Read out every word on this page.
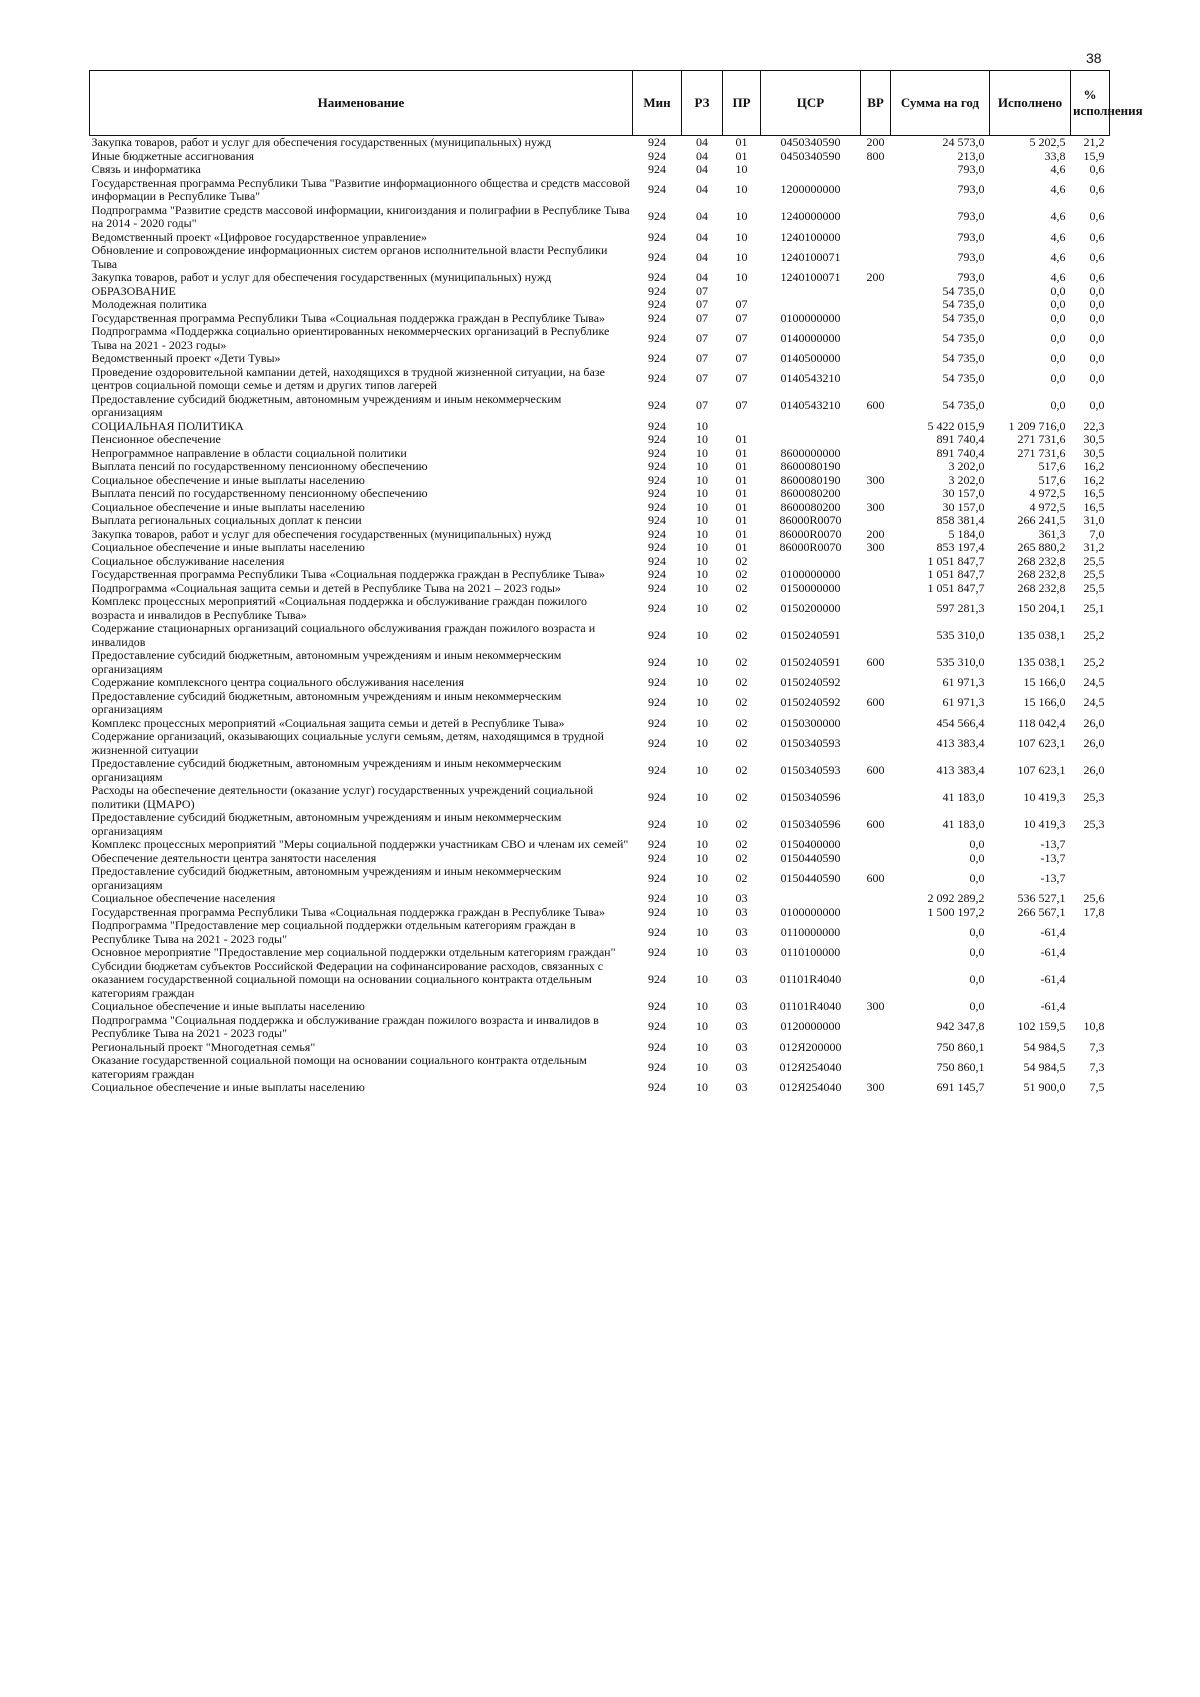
38
Наименование	Мин	РЗ	ПР	ЦСР	ВР	Сумма на год	Исполнено	% исполнения
Закупка товаров, работ и услуг для обеспечения государственных (муниципальных) нужд	924	04	01	0450340590	200	24 573,0	5 202,5	21,2
Иные бюджетные ассигнования	924	04	01	0450340590	800	213,0	33,8	15,9
Связь и информатика	924	04	10			793,0	4,6	0,6
Государственная программа Республики Тыва "Развитие информационного общества и средств массовой информации в Республике Тыва"	924	04	10	1200000000		793,0	4,6	0,6
Подпрограмма "Развитие средств массовой информации, книгоиздания и полиграфии в Республике Тыва на 2014 - 2020 годы"	924	04	10	1240000000		793,0	4,6	0,6
Ведомственный проект «Цифровое государственное управление»	924	04	10	1240100000		793,0	4,6	0,6
Обновление и сопровождение информационных систем органов исполнительной власти Республики Тыва	924	04	10	1240100071		793,0	4,6	0,6
Закупка товаров, работ и услуг для обеспечения государственных (муниципальных) нужд	924	04	10	1240100071	200	793,0	4,6	0,6
ОБРАЗОВАНИЕ	924	07				54 735,0	0,0	0,0
Молодежная политика	924	07	07			54 735,0	0,0	0,0
Государственная программа Республики Тыва «Социальная поддержка граждан в Республике Тыва»	924	07	07	0100000000		54 735,0	0,0	0,0
Подпрограмма «Поддержка социально ориентированных некоммерческих организаций в Республике Тыва на 2021 - 2023 годы»	924	07	07	0140000000		54 735,0	0,0	0,0
Ведомственный проект «Дети Тувы»	924	07	07	0140500000		54 735,0	0,0	0,0
Проведение оздоровительной кампании детей, находящихся в трудной жизненной ситуации, на базе центров социальной помощи семье и детям и других типов лагерей	924	07	07	0140543210		54 735,0	0,0	0,0
Предоставление субсидий бюджетным, автономным учреждениям и иным некоммерческим организациям	924	07	07	0140543210	600	54 735,0	0,0	0,0
СОЦИАЛЬНАЯ ПОЛИТИКА	924	10				5 422 015,9	1 209 716,0	22,3
Пенсионное обеспечение	924	10	01			891 740,4	271 731,6	30,5
Непрограммное направление в области социальной политики	924	10	01	8600000000		891 740,4	271 731,6	30,5
Выплата пенсий по государственному пенсионному обеспечению	924	10	01	8600080190		3 202,0	517,6	16,2
Социальное обеспечение и иные выплаты населению	924	10	01	8600080190	300	3 202,0	517,6	16,2
Выплата пенсий по государственному пенсионному обеспечению	924	10	01	8600080200		30 157,0	4 972,5	16,5
Социальное обеспечение и иные выплаты населению	924	10	01	8600080200	300	30 157,0	4 972,5	16,5
Выплата региональных социальных доплат к пенсии	924	10	01	86000R0070		858 381,4	266 241,5	31,0
Закупка товаров, работ и услуг для обеспечения государственных (муниципальных) нужд	924	10	01	86000R0070	200	5 184,0	361,3	7,0
Социальное обеспечение и иные выплаты населению	924	10	01	86000R0070	300	853 197,4	265 880,2	31,2
Социальное обслуживание населения	924	10	02			1 051 847,7	268 232,8	25,5
Государственная программа Республики Тыва «Социальная поддержка граждан в Республике Тыва»	924	10	02	0100000000		1 051 847,7	268 232,8	25,5
Подпрограмма «Социальная защита семьи и детей в Республике Тыва на 2021 – 2023 годы»	924	10	02	0150000000		1 051 847,7	268 232,8	25,5
Комплекс процессных мероприятий «Социальная поддержка и обслуживание граждан пожилого возраста и инвалидов в Республике Тыва»	924	10	02	0150200000		597 281,3	150 204,1	25,1
Содержание стационарных организаций социального обслуживания граждан пожилого возраста и инвалидов	924	10	02	0150240591		535 310,0	135 038,1	25,2
Предоставление субсидий бюджетным, автономным учреждениям и иным некоммерческим организациям	924	10	02	0150240591	600	535 310,0	135 038,1	25,2
Содержание комплексного центра социального обслуживания населения	924	10	02	0150240592		61 971,3	15 166,0	24,5
Предоставление субсидий бюджетным, автономным учреждениям и иным некоммерческим организациям	924	10	02	0150240592	600	61 971,3	15 166,0	24,5
Комплекс процессных мероприятий «Социальная защита семьи и детей в Республике Тыва»	924	10	02	0150300000		454 566,4	118 042,4	26,0
Содержание организаций, оказывающих социальные услуги семьям, детям, находящимся в трудной жизненной ситуации	924	10	02	0150340593		413 383,4	107 623,1	26,0
Предоставление субсидий бюджетным, автономным учреждениям и иным некоммерческим организациям	924	10	02	0150340593	600	413 383,4	107 623,1	26,0
Расходы на обеспечение деятельности (оказание услуг) государственных учреждений социальной политики (ЦМАРО)	924	10	02	0150340596		41 183,0	10 419,3	25,3
Предоставление субсидий бюджетным, автономным учреждениям и иным некоммерческим организациям	924	10	02	0150340596	600	41 183,0	10 419,3	25,3
Комплекс процессных мероприятий "Меры социальной поддержки участникам СВО и членам их семей"	924	10	02	0150400000		0,0	-13,7	
Обеспечение деятельности центра занятости населения	924	10	02	0150440590		0,0	-13,7	
Предоставление субсидий бюджетным, автономным учреждениям и иным некоммерческим организациям	924	10	02	0150440590	600	0,0	-13,7	
Социальное обеспечение населения	924	10	03			2 092 289,2	536 527,1	25,6
Государственная программа Республики Тыва «Социальная поддержка граждан в Республике Тыва»	924	10	03	0100000000		1 500 197,2	266 567,1	17,8
Подпрограмма "Предоставление мер социальной поддержки отдельным категориям граждан в Республике Тыва на 2021 - 2023 годы"	924	10	03	0110000000		0,0	-61,4	
Основное мероприятие "Предоставление мер социальной поддержки отдельным категориям граждан"	924	10	03	0110100000		0,0	-61,4	
Субсидии бюджетам субъектов Российской Федерации на софинансирование расходов, связанных с оказанием государственной социальной помощи на основании социального контракта отдельным категориям граждан	924	10	03	01101R4040		0,0	-61,4	
Социальное обеспечение и иные выплаты населению	924	10	03	01101R4040	300	0,0	-61,4	
Подпрограмма "Социальная поддержка и обслуживание граждан пожилого возраста и инвалидов в Республике Тыва на 2021 - 2023 годы"	924	10	03	0120000000		942 347,8	102 159,5	10,8
Региональный проект "Многодетная семья"	924	10	03	012Я200000		750 860,1	54 984,5	7,3
Оказание государственной социальной помощи на основании социального контракта отдельным категориям граждан	924	10	03	012Я254040		750 860,1	54 984,5	7,3
Социальное обеспечение и иные выплаты населению	924	10	03	012Я254040	300	691 145,7	51 900,0	7,5
